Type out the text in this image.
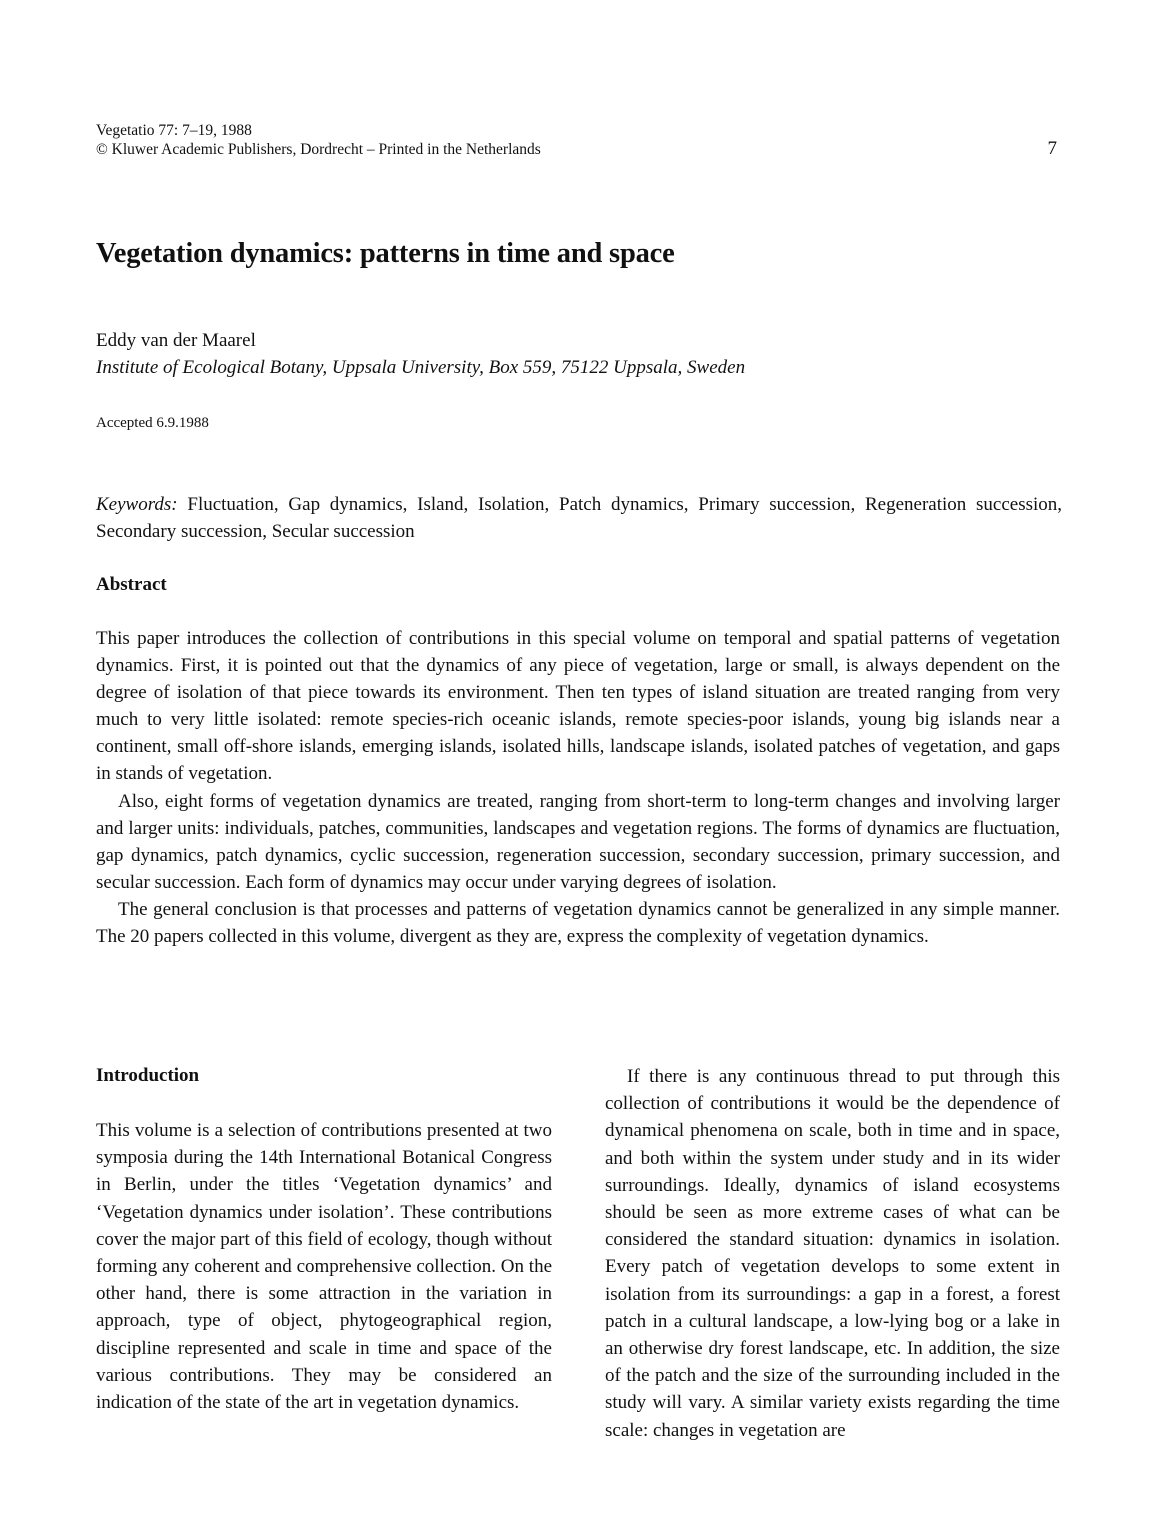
Vegetatio 77: 7–19, 1988
© Kluwer Academic Publishers, Dordrecht – Printed in the Netherlands	7
Vegetation dynamics: patterns in time and space
Eddy van der Maarel
Institute of Ecological Botany, Uppsala University, Box 559, 75122 Uppsala, Sweden
Accepted 6.9.1988
Keywords: Fluctuation, Gap dynamics, Island, Isolation, Patch dynamics, Primary succession, Regeneration succession, Secondary succession, Secular succession
Abstract

This paper introduces the collection of contributions in this special volume on temporal and spatial patterns of vegetation dynamics. First, it is pointed out that the dynamics of any piece of vegetation, large or small, is always dependent on the degree of isolation of that piece towards its environment. Then ten types of island situation are treated ranging from very much to very little isolated: remote species-rich oceanic islands, remote species-poor islands, young big islands near a continent, small off-shore islands, emerging islands, isolated hills, landscape islands, isolated patches of vegetation, and gaps in stands of vegetation.

Also, eight forms of vegetation dynamics are treated, ranging from short-term to long-term changes and involving larger and larger units: individuals, patches, communities, landscapes and vegetation regions. The forms of dynamics are fluctuation, gap dynamics, patch dynamics, cyclic succession, regeneration succession, secondary succession, primary succession, and secular succession. Each form of dynamics may occur under varying degrees of isolation.

The general conclusion is that processes and patterns of vegetation dynamics cannot be generalized in any simple manner. The 20 papers collected in this volume, divergent as they are, express the complexity of vegetation dynamics.

Introduction

This volume is a selection of contributions presented at two symposia during the 14th International Botanical Congress in Berlin, under the titles ‘Vegetation dynamics’ and ‘Vegetation dynamics under isolation’. These contributions cover the major part of this field of ecology, though without forming any coherent and comprehensive collection. On the other hand, there is some attraction in the variation in approach, type of object, phytogeographical region, discipline represented and scale in time and space of the various contributions. They may be considered an indication of the state of the art in vegetation dynamics.

If there is any continuous thread to put through this collection of contributions it would be the dependence of dynamical phenomena on scale, both in time and in space, and both within the system under study and in its wider surroundings. Ideally, dynamics of island ecosystems should be seen as more extreme cases of what can be considered the standard situation: dynamics in isolation. Every patch of vegetation develops to some extent in isolation from its surroundings: a gap in a forest, a forest patch in a cultural landscape, a low-lying bog or a lake in an otherwise dry forest landscape, etc. In addition, the size of the patch and the size of the surrounding included in the study will vary. A similar variety exists regarding the time scale: changes in vegetation are
